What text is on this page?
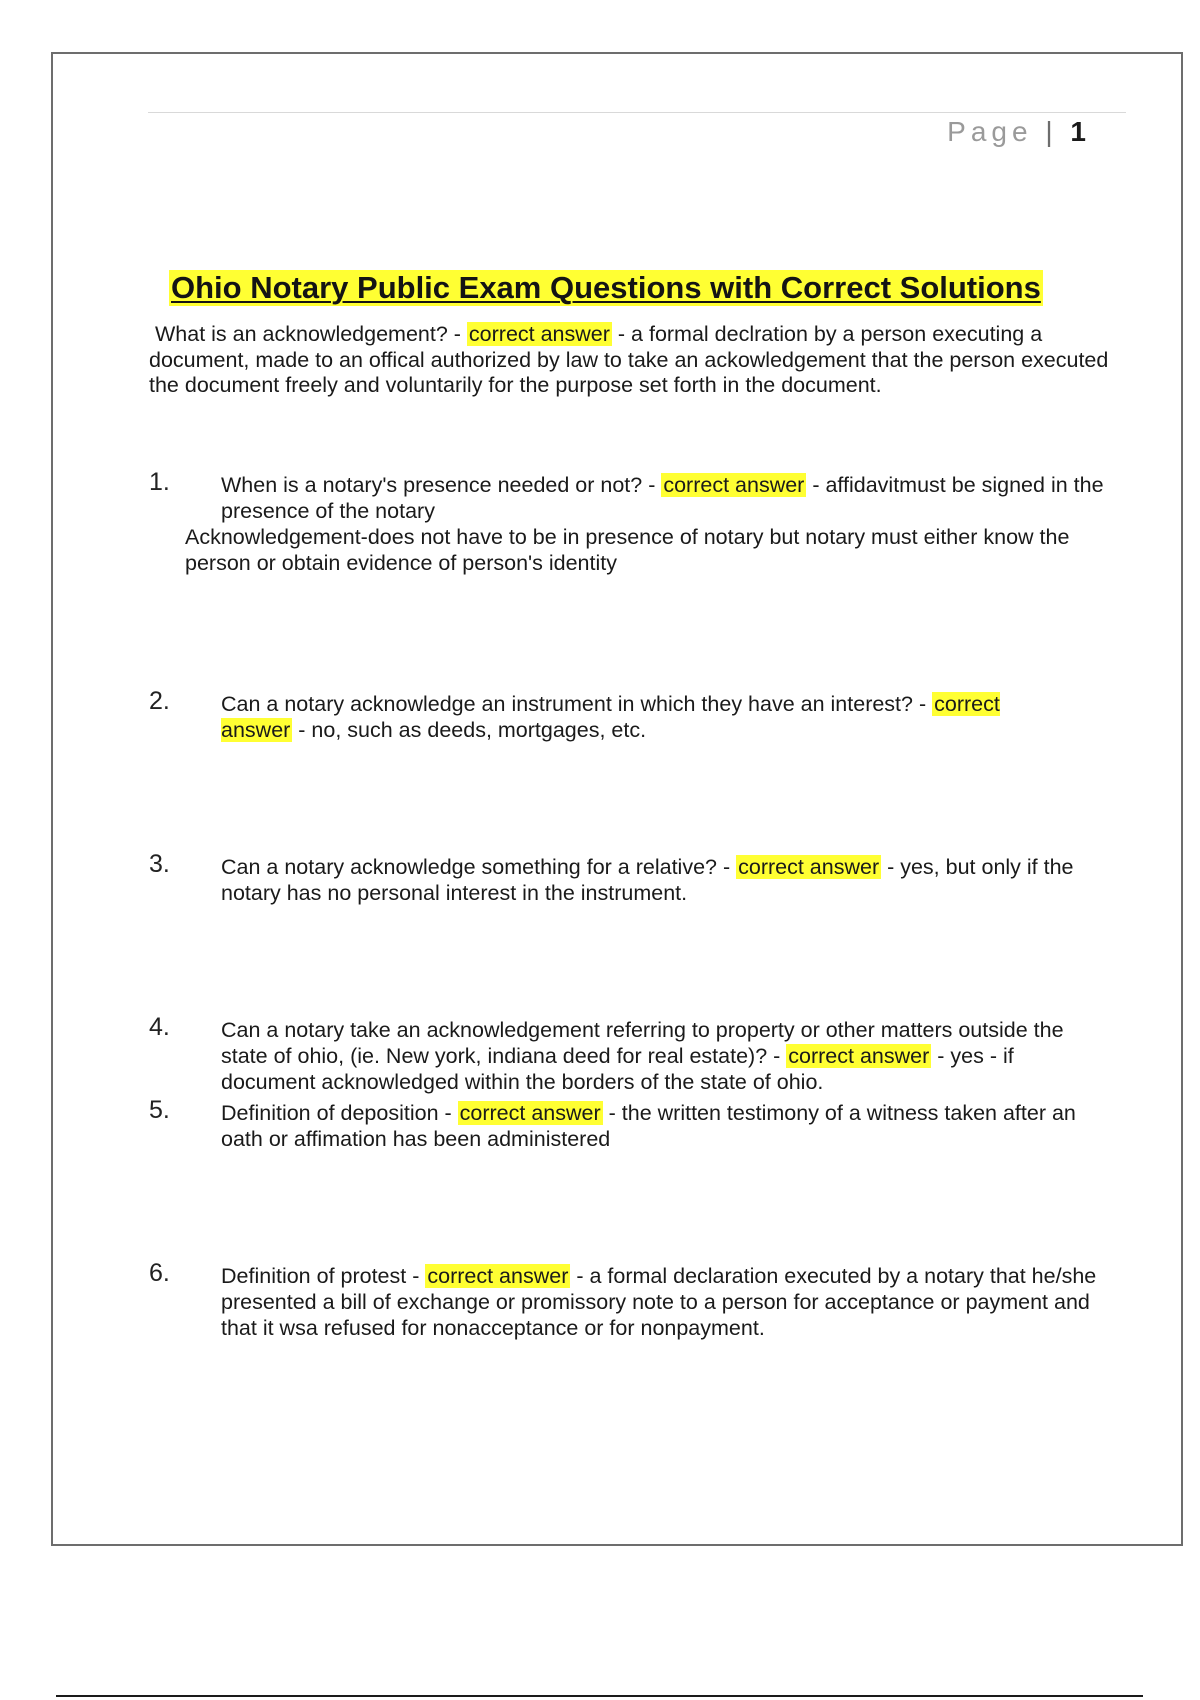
Page | 1
Ohio Notary Public Exam Questions with Correct Solutions

What is an acknowledgement? - correct answer - a formal declration by a person executing a document, made to an offical authorized by law to take an ackowledgement that the person executed the document freely and voluntarily for the purpose set forth in the document.

1. When is a notary's presence needed or not? - correct answer - affidavitmust be signed in the presence of the notary
Acknowledgement-does not have to be in presence of notary but notary must either know the person or obtain evidence of person's identity
2. Can a notary acknowledge an instrument in which they have an interest? - correct answer - no, such as deeds, mortgages, etc.
3. Can a notary acknowledge something for a relative? - correct answer - yes, but only if the notary has no personal interest in the instrument.
4. Can a notary take an acknowledgement referring to property or other matters outside the state of ohio, (ie. New york, indiana deed for real estate)? - correct answer - yes - if document acknowledged within the borders of the state of ohio.
5. Definition of deposition - correct answer - the written testimony of a witness taken after an oath or affimation has been administered
6. Definition of protest - correct answer - a formal declaration executed by a notary that he/she presented a bill of exchange or promissory note to a person for acceptance or payment and that it wsa refused for nonacceptance or for nonpayment.
